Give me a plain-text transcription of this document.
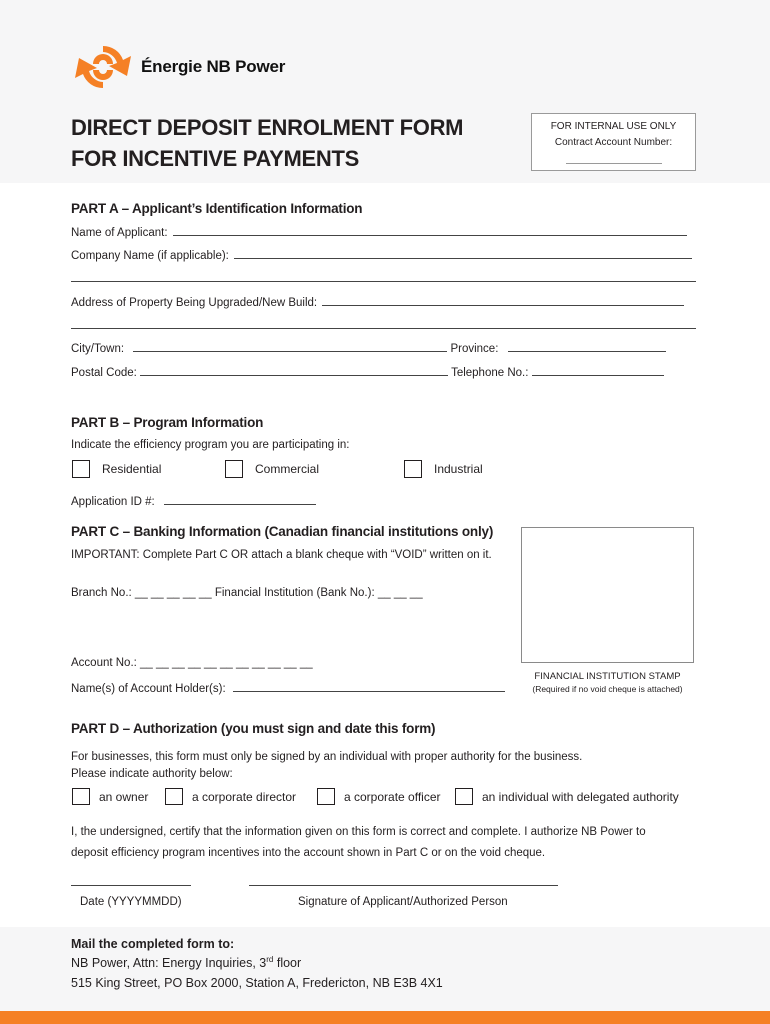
Énergie NB Power
DIRECT DEPOSIT ENROLMENT FORM
FOR INCENTIVE PAYMENTS
FOR INTERNAL USE ONLY
Contract Account Number:
PART A – Applicant’s Identification Information
Name of Applicant:
Company Name (if applicable):
Address of Property Being Upgraded/New Build:
City/Town:	Province:
Postal Code:	Telephone No.:
PART B – Program Information
Indicate the efficiency program you are participating in:
Residential	Commercial	Industrial
Application ID #:
PART C – Banking Information (Canadian financial institutions only)
IMPORTANT: Complete Part C OR attach a blank cheque with “VOID” written on it.
Branch No.: __ __ __ __ __ Financial Institution (Bank No.): __ __ __
Account No.: __ __ __ __ __ __ __ __ __ __ __
Name(s) of Account Holder(s):
FINANCIAL INSTITUTION STAMP
(Required if no void cheque is attached)
PART D – Authorization (you must sign and date this form)
For businesses, this form must only be signed by an individual with proper authority for the business.
Please indicate authority below:
an owner	a corporate director	a corporate officer	an individual with delegated authority
I, the undersigned, certify that the information given on this form is correct and complete. I authorize NB Power to
deposit efficiency program incentives into the account shown in Part C or on the void cheque.
Date (YYYYMMDD)	Signature of Applicant/Authorized Person
Mail the completed form to:
NB Power, Attn: Energy Inquiries, 3rd floor
515 King Street, PO Box 2000, Station A, Fredericton, NB E3B 4X1
